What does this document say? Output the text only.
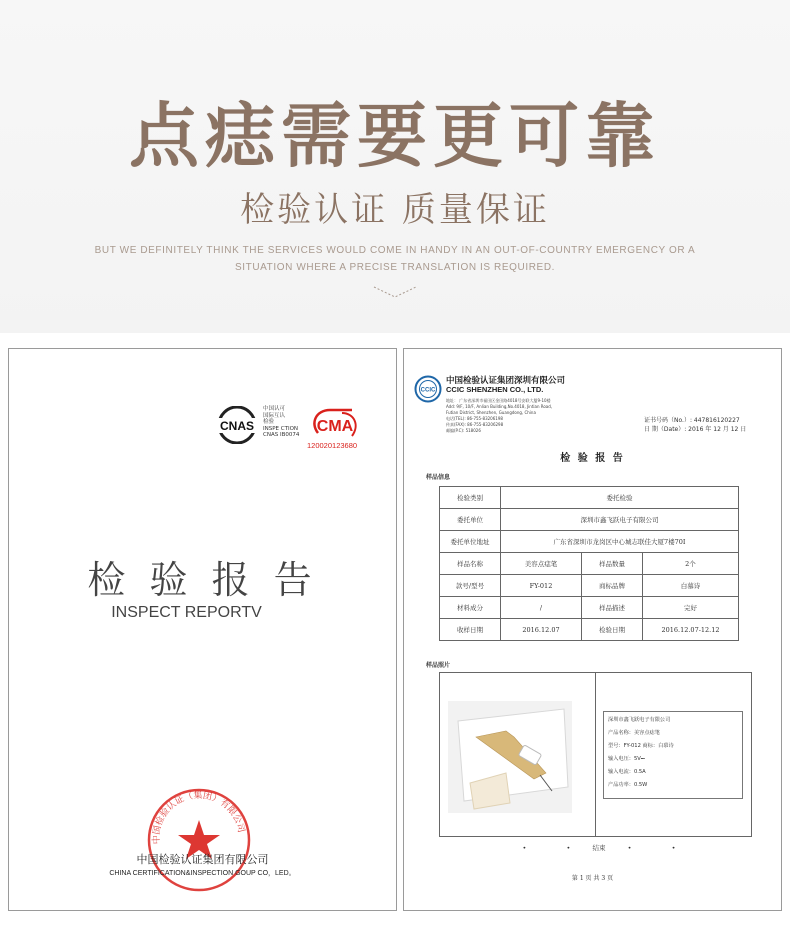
点痣需要更可靠
检验认证 质量保证
BUT WE DEFINITELY THINK THE SERVICES WOULD COME IN HANDY IN AN OUT-OF-COUNTRY EMERGENCY OR A
SITUATION WHERE A PRECISE TRANSLATION IS REQUIRED.
CNAS
中国认可
国际互认
检验
INSPE CTION
CNAS IB0074 CMA
120020123680
检 验 报 告
INSPECT REPORTV
中国检验认证（集团）有限公司
中国检验认证集团有限公司
CHINA CERTIFICATION&INSPECTION GOUP CO，LED。
CCIC
中国检验认证集团深圳有限公司
CCIC SHENZHEN CO., LTD.
地址： 广东省深圳市福田区金田路4018号安联大厦9-10楼
Add: 9/F, 10/F, Anlian Building,No.4018, Jintian Road,
Futian District, Shenzhen, Guangdong, China
电话(TEL): 86-755-83206198
传真(FAX): 86-755-83206298
邮编(P.C): 518026
证书号码（No.）: 447816120227
日 期（Date）: 2016 年 12 月 12 日
检 验 报 告
样品信息
检验类别	委托检验		
委托单位	深圳市鑫飞跃电子有限公司		
委托单位地址	广东省深圳市龙岗区中心城志联佳大厦7楼70I		
样品名称	美容点痣笔	样品数量	2个
款号/型号	FY-012	商标品牌	白慕诗
材料成分	/	样品描述	完好
收样日期	2016.12.07	检验日期	2016.12.07-12.12
样品照片
深圳市鑫飞跃电子有限公司
产品名称：美容点痣笔
型号：FY-012 商标：白慕诗
输入电压：5V⎓
输入电流：0.5A
产品功率：0.5W
•	•	结束	•	•
第 1 页 共 3 页
